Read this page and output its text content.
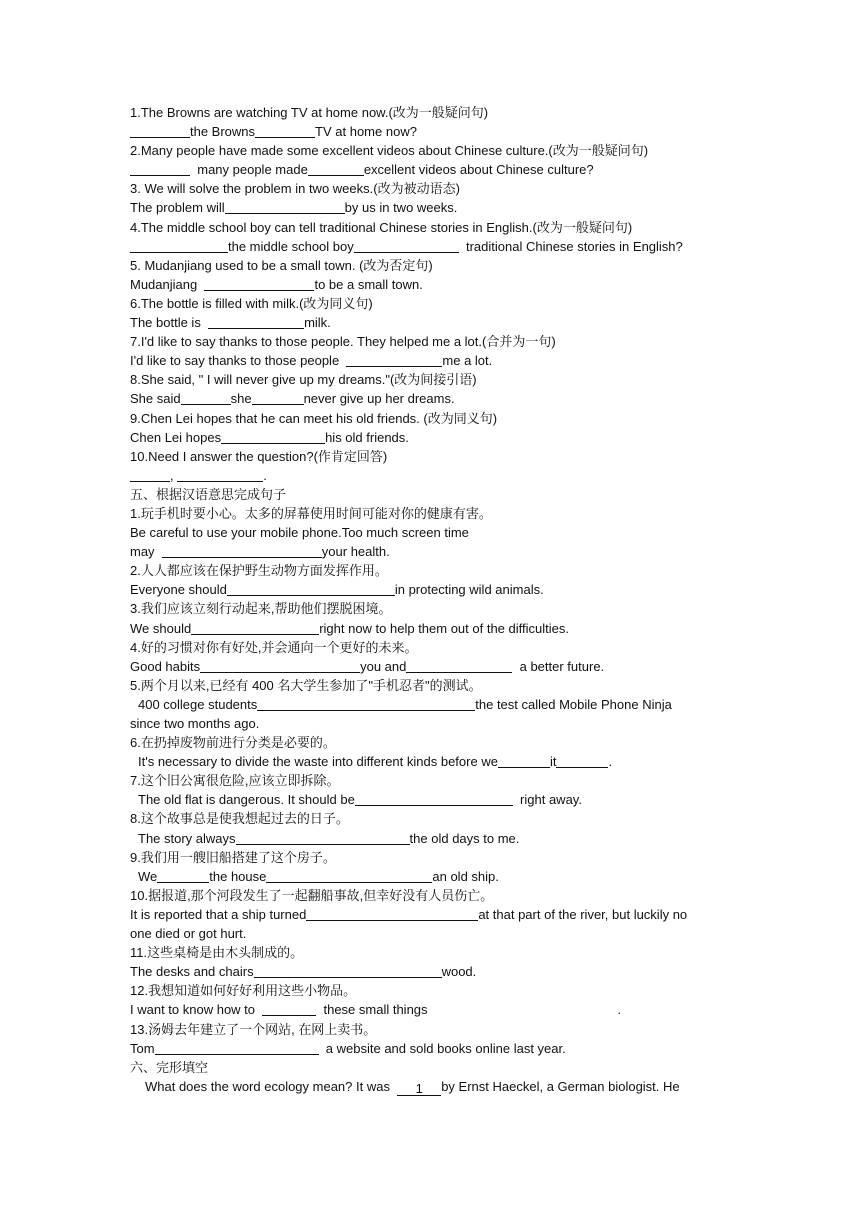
1.The Browns are watching TV at home now.(改为一般疑问句)
the Browns	TV at home now?
2.Many people have made some excellent videos about Chinese culture.(改为一般疑问句)
many people made	excellent videos about Chinese culture?
3. We will solve the problem in two weeks.(改为被动语态)
The problem will	by us in two weeks.
4.The middle school boy can tell traditional Chinese stories in English.(改为一般疑问句)
the middle school boy	traditional Chinese stories in English?
5. Mudanjiang used to be a small town. (改为否定句)
Mudanjiang	to be a small town.
6.The bottle is filled with milk.(改为同义句)
The bottle is	milk.
7.I'd like to say thanks to those people. They helped me a lot.(合并为一句)
I'd like to say thanks to those people	me a lot.
8.She said, " I will never give up my dreams."(改为间接引语)
She said	she	never give up her dreams.
9.Chen Lei hopes that he can meet his old friends. (改为同义句)
Chen Lei hopes	his old friends.
10.Need I answer the question?(作肯定回答)
,	.
五、根据汉语意思完成句子
1.玩手机时要小心。太多的屏幕使用时间可能对你的健康有害。
Be careful to use your mobile phone.Too much screen time
may	your health.
2.人人都应该在保护野生动物方面发挥作用。
Everyone should	in protecting wild animals.
3.我们应该立刻行动起来,帮助他们摆脱困境。
We should	right now to help them out of the difficulties.
4.好的习惯对你有好处,并会通向一个更好的未来。
Good habits	you and	a better future.
5.两个月以来,已经有 400 名大学生参加了"手机忍者"的测试。
400 college students	the test called Mobile Phone Ninja
since two months ago.
6.在扔掉废物前进行分类是必要的。
It's necessary to divide the waste into different kinds before we	it	.
7.这个旧公寓很危险,应该立即拆除。
The old flat is dangerous. It should be	right away.
8.这个故事总是使我想起过去的日子。
The story always	the old days to me.
9.我们用一艘旧船搭建了这个房子。
We	the house	an old ship.
10.据报道,那个河段发生了一起翻船事故,但幸好没有人员伤亡。
It is reported that a ship turned	at that part of the river, but luckily no
one died or got hurt.
11.这些桌椅是由木头制成的。
The desks and chairs	wood.
12.我想知道如何好好利用这些小物品。
I want to know how to	these small things	.
13.汤姆去年建立了一个网站, 在网上卖书。
Tom	a website and sold books online last year.
六、完形填空
What does the word ecology mean? It was 1 by Ernst Haeckel, a German biologist. He
